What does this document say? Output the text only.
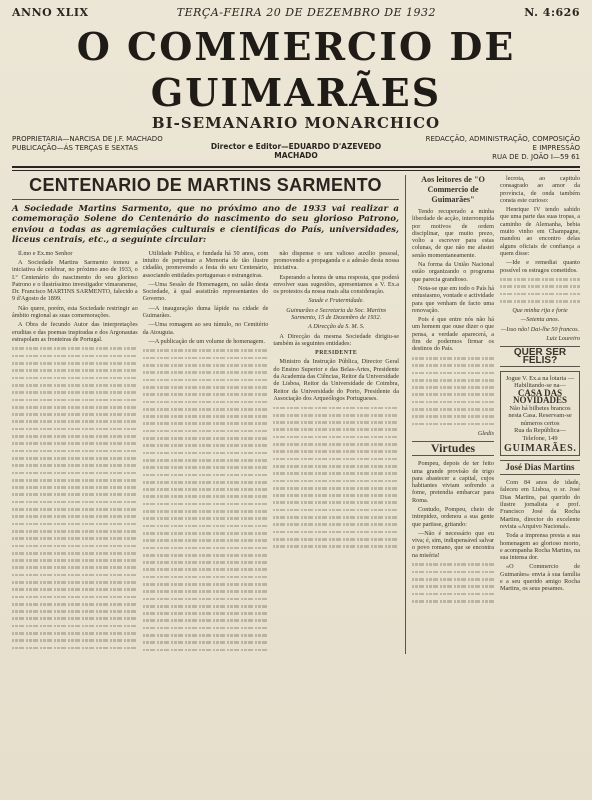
ANNO XLIX	TERÇA-FEIRA 20 DE DEZEMBRO DE 1932	N. 4:626
O COMMERCIO DE GUIMARÃES
BI-SEMANARIO MONARCHICO
PROPRIETARIA—NARCISA DE J.F. MACHADO
PUBLICAÇÃO—ÁS TERÇAS E SEXTAS	Director e Editor—EDUARDO D'AZEVEDO MACHADO
REDACÇÃO, ADMINISTRAÇÃO, COMPOSIÇÃO
E IMPRESSÃO
RUA DE D. JOÃO I—59 61
CENTENARIO DE MARTINS SARMENTO
A Sociedade Martins Sarmento, que no próximo ano de 1933 vai realizar a comemoração Solene do Centenário do nascimento do seu glorioso Patrono, enviou a todas as agremiações culturais e cientificas do País, universidades, liceus centrais, etc., a seguinte circular:

Il.mo e Ex.mo Senhor

A Sociedade Martins Sarmento tomou a iniciativa de celebrar, no próximo ano de 1933, o I.º Centenário do nascimento do seu glorioso Patrono e o ilustríssimo investigador vimaranense, Dr. Francisco MARTINS SARMENTO, falecido a 9 d'Agosto de 1899.

Não quere, porém, esta Sociedade restringir ao âmbito regional as suas comemorações.

A Obra de fecundo Autor das interpretações eruditas e das poemas inspiradas e dos Argonautas estrapolam as fronteiras de Portugal.

Utilidade Publica, e fundada há 50 anos, com intuito de perpetuar a Memoria de tão ilustre cidadão, promovendo a festa do seu Centenário, associando entidades portuguesas e estrangeiras.

—Uma Sessão de Homenagem, no salão desta Sociedade, à qual assistirão representantes do Governo.

—A inauguração duma lápide na cidade de Guimarães.

—Uma romagem ao seu túmulo, no Cemitério da Atouguia.

—A publicação de um volume de homenagem.

não dispense o seu valioso auxilio pessoal, promovendo a propaganda e a adesão desta nossa iniciativa.

Esperando a honra de uma resposta, que poderá envolver suas sugestões, apresentamos a V. Ex.a os protestos da nossa mais alta consideração.

Saude e Fraternidade.
Guimarães e Secretaria da Soc. Martins Sarmento, 15 de Dezembro de 1932.
A Direcção da S. M. S.

A Direcção da mesma Sociedade dirigiu-se também às seguintes entidades:

PRESIDENTE

Ministro da Instrução Pública, Director Geral do Ensino Superior e das Belas-Artes, Presidente da Academia das Ciências, Reitor da Universidade de Lisboa, Reitor da Universidade de Coimbra, Reitor da Universidade do Porto, Presidente da Associação dos Arqueólogos Portugueses.

Aos leitores de "O Commercio de Guimarães"

Tendo recuperado a minha liberdade de acção, interrompida por motivos de ordem disciplinar, que muito prezo, volto a escrever para estas colunas, de que não me afastei senão momentaneamente.

Na forma da União Nacional estão organizando o programa que parecia grandioso.

Nota-se que em todo o País há entusiasmo, vontade e actividade para que venham de facto uma renovação.

Pois é que entre nós não há um homem que ouse dizer o que pensa, a verdade aparecerá, a fim de podermos firmar os destinos do País.

Gledis
Virtudes

Pompeu, depois de ter feito uma grande provisão de trigo para abastecer a capital, cujos habitantes viviam sofrendo a fome, pretendia embarcar para Roma.

Contudo, Pompeu, cheio de intrepidez, ordenou a sua gente que partisse, gritando:

—Não é necessário que eu viva; é, sim, indispensável salvar o povo romano, que se encontra na miséria!

lecrota, ao capitulo consagrado ao amor da província, de onda também consta este curioso:

Henrique IV tendo sabido que uma parte das suas tropas, a caminho de Alemanha, bebia muito vinho em Champagne, mandou ao encontro delas alguns oficiais de confiança a quem disse:

—Ide e remediai quanto possível os estragos cometidos.

Que minha rija e forte
—Setenta anos.
—Isso não! Dai-lhe 50 francos.
Luiz Loureiro
QUER SER FELIS?
Jogue V. Ex.a na lotaria —Habilitando-se na—
CASA DAS NOVIDADES
Não há bilhetes brancos nesta Casa. Reservam-se números certos
Rua da República—Telefone, 149
GUIMARÃES.
José Dias Martins

Com 84 anos de idade, faleceu em Lisboa, o sr. José Dias Martins, pai querido do ilustre jornalista e prof. Francisco José da Rocha Martins, director do excelente revista «Arquivo Nacional».

Toda a imprensa presta a sua homenagem ao glorioso morto, e acompanha Rocha Martins, na sua intensa dor.

«O Commercio de Guimarães» envia à sua família e a seu querido amigo Rocha Martins, os seus pesames.
